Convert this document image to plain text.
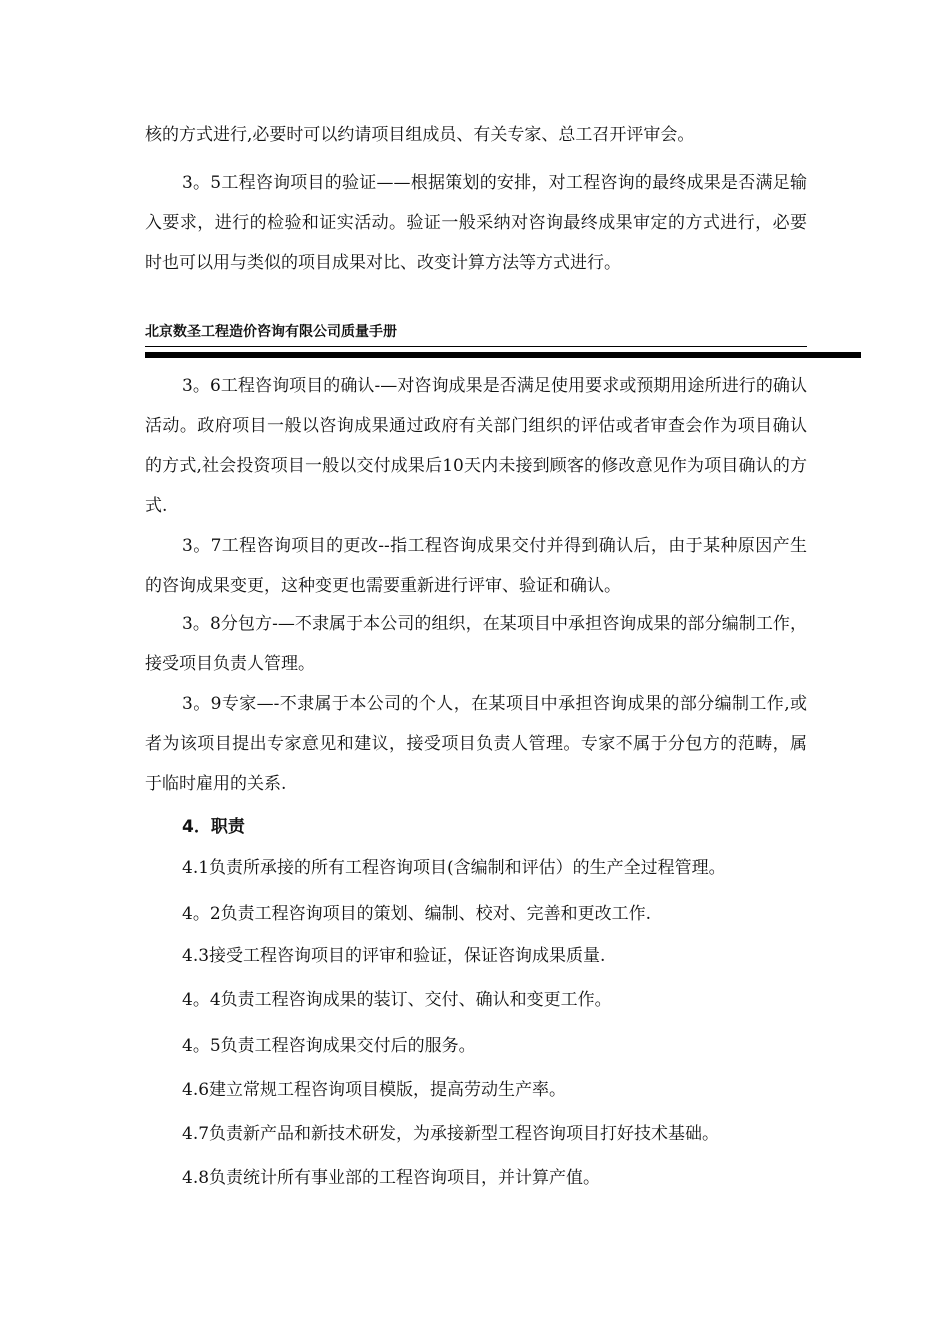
核的方式进行,必要时可以约请项目组成员、有关专家、总工召开评审会。

3。5工程咨询项目的验证——根据策划的安排，对工程咨询的最终成果是否满足输入要求，进行的检验和证实活动。验证一般采纳对咨询最终成果审定的方式进行，必要时也可以用与类似的项目成果对比、改变计算方法等方式进行。

北京数圣工程造价咨询有限公司质量手册

3。6工程咨询项目的确认-—对咨询成果是否满足使用要求或预期用途所进行的确认活动。政府项目一般以咨询成果通过政府有关部门组织的评估或者审查会作为项目确认的方式,社会投资项目一般以交付成果后10天内未接到顾客的修改意见作为项目确认的方式.

3。7工程咨询项目的更改--指工程咨询成果交付并得到确认后，由于某种原因产生的咨询成果变更，这种变更也需要重新进行评审、验证和确认。

3。8分包方-—不隶属于本公司的组织，在某项目中承担咨询成果的部分编制工作，接受项目负责人管理。

3。9专家—-不隶属于本公司的个人，在某项目中承担咨询成果的部分编制工作,或者为该项目提出专家意见和建议，接受项目负责人管理。专家不属于分包方的范畴，属于临时雇用的关系.

4．职责
4.1负责所承接的所有工程咨询项目(含编制和评估）的生产全过程管理。
4。2负责工程咨询项目的策划、编制、校对、完善和更改工作.
4.3接受工程咨询项目的评审和验证，保证咨询成果质量.
4。4负责工程咨询成果的装订、交付、确认和变更工作。
4。5负责工程咨询成果交付后的服务。
4.6建立常规工程咨询项目模版，提高劳动生产率。
4.7负责新产品和新技术研发，为承接新型工程咨询项目打好技术基础。
4.8负责统计所有事业部的工程咨询项目，并计算产值。
